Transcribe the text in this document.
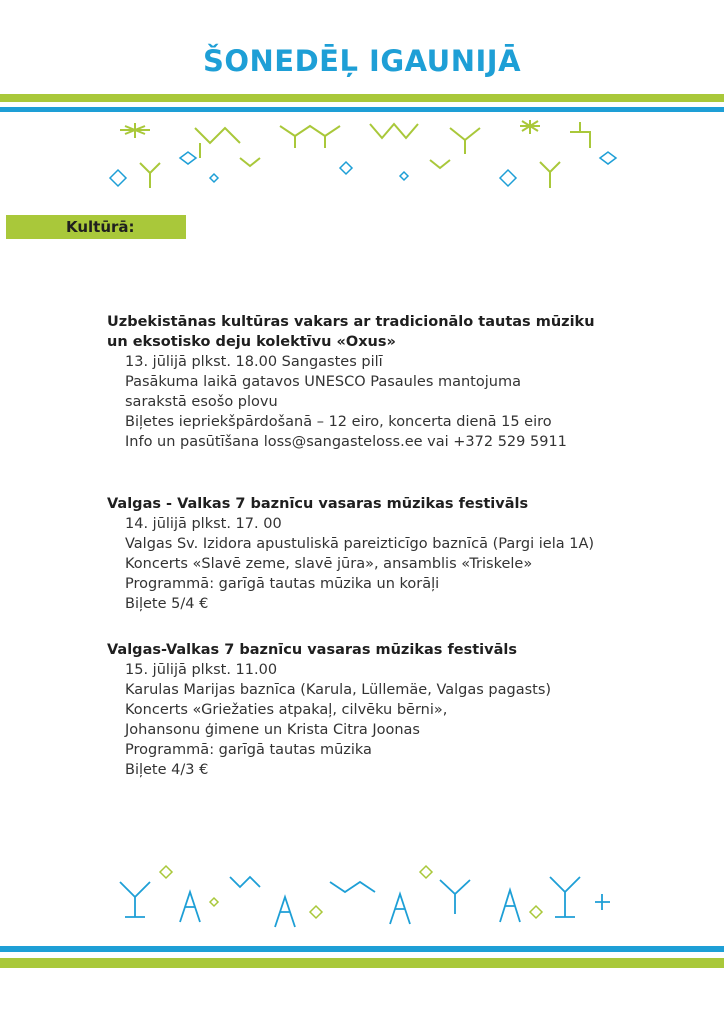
ŠONEDĒĻ IGAUNIJĀ
Kultūrā:
Uzbekistānas kultūras vakars ar tradicionālo tautas mūziku
un eksotisko deju kolektīvu «Oxus»
13. jūlijā plkst. 18.00 Sangastes pilī
Pasākuma laikā gatavos UNESCO Pasaules mantojuma
sarakstā esošo plovu
Biļetes iepriekšpārdošanā – 12 eiro, koncerta dienā 15 eiro
Info un pasūtīšana loss@sangasteloss.ee vai +372 529 5911
Valgas - Valkas 7 baznīcu vasaras mūzikas festivāls
14. jūlijā plkst. 17. 00
Valgas Sv. Izidora apustuliskā pareizticīgo baznīcā (Pargi iela 1A)
Koncerts «Slavē zeme, slavē jūra», ansamblis «Triskele»
Programmā: garīgā tautas mūzika un korāļi
Biļete 5/4 €
Valgas-Valkas 7 baznīcu vasaras mūzikas festivāls
15. jūlijā plkst. 11.00
Karulas Marijas baznīca (Karula, Lüllemäe, Valgas pagasts)
Koncerts «Griežaties atpakaļ, cilvēku bērni»,
Johansonu ģimene un Krista Citra Joonas
Programmā: garīgā tautas mūzika
Biļete 4/3 €
